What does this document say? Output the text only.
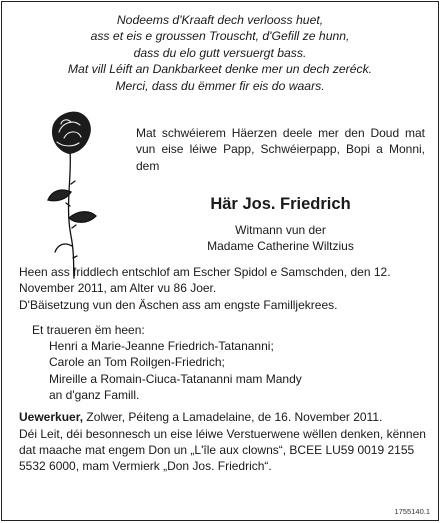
Nodeems d'Kraaft dech verlooss huet,
ass et eis e groussen Trouscht, d'Gefill ze hunn,
dass du elo gutt versuergt bass.
Mat vill Léift an Dankbarkeet denke mer un dech zeréck.
Merci, dass du ëmmer fir eis do waars.
Mat schwéierem Häerzen deele mer den Doud mat vun eise léiwe Papp, Schwéierpapp, Bopi a Monni, dem
Här Jos. Friedrich
Witmann vun der
Madame Catherine Wiltzius

Heen ass friddlech entschlof am Escher Spidol e Samschden, den 12. November 2011, am Alter vu 86 Joer.

D'Bäisetzung vun den Äschen ass am engste Familljekrees.

Et traueren ëm heen:

Henri a Marie-Jeanne Friedrich-Tatananni;

Carole an Tom Roilgen-Friedrich;

Mireille a Romain-Ciuca-Tatananni mam Mandy

an d'ganz Famill.

Uewerkuer, Zolwer, Péiteng a Lamadelaine, de 16. November 2011.

Déi Leit, déi besonnesch un eise léiwe Verstuerwene wëllen denken, kënnen dat maache mat engem Don un „L'île aux clowns“, BCEE LU59 0019 2155 5532 6000, mam Vermierk „Don Jos. Friedrich“.

1755140.1
